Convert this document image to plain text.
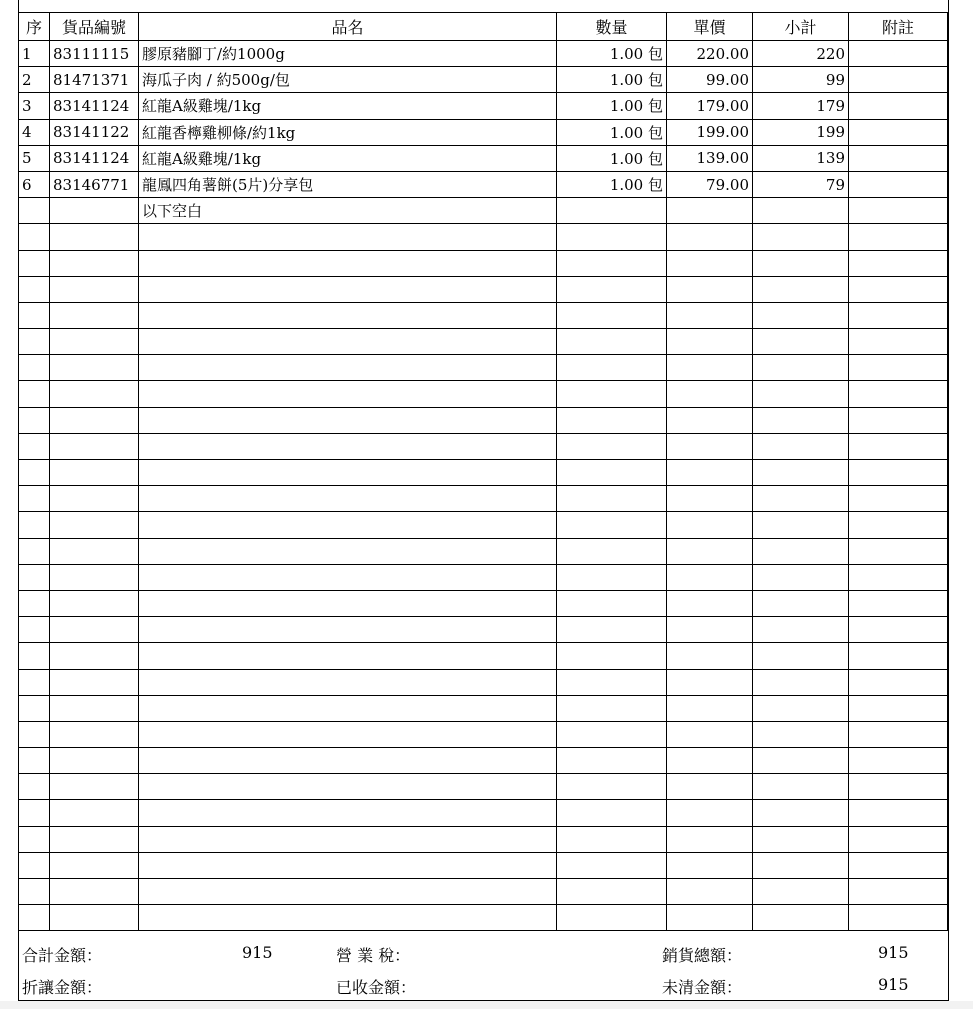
序	貨品編號	品名	數量	單價	小計	附註
1	83111115	膠原豬腳丁/約1000g	1.00 包	220.00	220	
2	81471371	海瓜子肉 / 約500g/包	1.00 包	99.00	99	
3	83141124	紅龍A級雞塊/1kg	1.00 包	179.00	179	
4	83141122	紅龍香檸雞柳條/約1kg	1.00 包	199.00	199	
5	83141124	紅龍A級雞塊/1kg	1.00 包	139.00	139	
6	83146771	龍鳳四角薯餅(5片)分享包	1.00 包	79.00	79	
		以下空白				

合計金額：	915	營 業 稅：	銷貨總額：	915
折讓金額：	已收金額：	未清金額：	915
